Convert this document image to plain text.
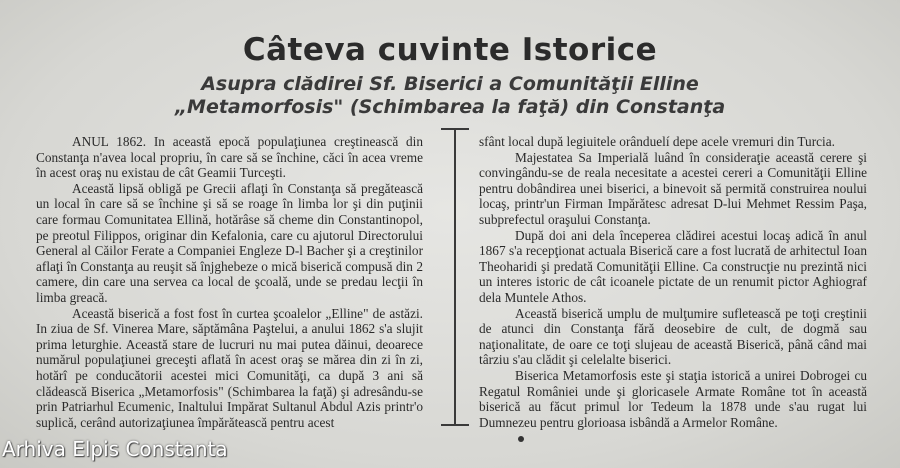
Câteva cuvinte Istorice
Asupra clădirei Sf. Biserici a Comunităţii Elline
„Metamorfosis" (Schimbarea la faţă) din Constanţa

ANUL 1862. In această epocă populaţiunea creştinească din Constanţa n'avea local propriu, în care să se închine, căci în acea vreme în acest oraş nu existau de cât Geamii Turceşti.

Această lipsă obligă pe Grecii aflaţi în Constanţa să pregătească un local în care să se închine şi să se roage în limba lor şi din puţinii care formau Comunitatea Ellină, hotărâse să cheme din Constantinopol, pe preotul Filippos, originar din Kefalonia, care cu ajutorul Directorului General al Căilor Ferate a Companiei Engleze D-l Bacher şi a creştinilor aflaţi în Constanţa au reuşit să înjghebeze o mică biserică compusă din 2 camere, din care una servea ca local de şcoală, unde se predau lecţii în limba greacă.

Această biserică a fost fost în curtea şcoalelor „Elline" de astăzi. In ziua de Sf. Vinerea Mare, săptămâna Paştelui, a anului 1862 s'a slujit prima leturghie. Această stare de lucruri nu mai putea dăinui, deoarece numărul populaţiunei greceşti aflată în acest oraş se mărea din zi în zi, hotărî pe conducătorii acestei mici Comunităţi, ca după 3 ani să clădească Biserica „Metamorfosis" (Schimbarea la faţă) şi adresându-se prin Patriarhul Ecumenic, Inaltului Impărat Sultanul Abdul Azis printr'o suplică, cerând autorizaţiunea împărătească pentru acest

sfânt local după legiuitele orânduelí depe acele vremuri din Turcia.

Majestatea Sa Imperială luând în consideraţie această cerere şi convingându-se de reala necesitate a acestei cereri a Comunităţii Elline pentru dobândirea unei biserici, a binevoit să permită construirea noului locaş, printr'un Firman Impărătesc adresat D-lui Mehmet Ressim Paşa, subprefectul oraşului Constanţa.

După doi ani dela începerea clădirei acestui locaş adică în anul 1867 s'a recepţionat actuala Biserică care a fost lucrată de arhitectul Ioan Theoharidi şi predată Comunităţii Elline. Ca construcţie nu prezintă nici un interes istoric de cât icoanele pictate de un renumit pictor Aghiograf dela Muntele Athos.

Această biserică umplu de mulţumire sufletească pe toţi creştinii de atunci din Constanţa fără deosebire de cult, de dogmă sau naţionalitate, de oare ce toţi slujeau de această Biserică, până când mai târziu s'au clădit şi celelalte biserici.

Biserica Metamorfosis este şi staţia istorică a unirei Dobrogei cu Regatul României unde şi gloricasele Armate Române tot în această biserică au făcut primul lor Tedeum la 1878 unde s'au rugat lui Dumnezeu pentru glorioasa isbândă a Armelor Române.

Arhiva Elpis Constanta
